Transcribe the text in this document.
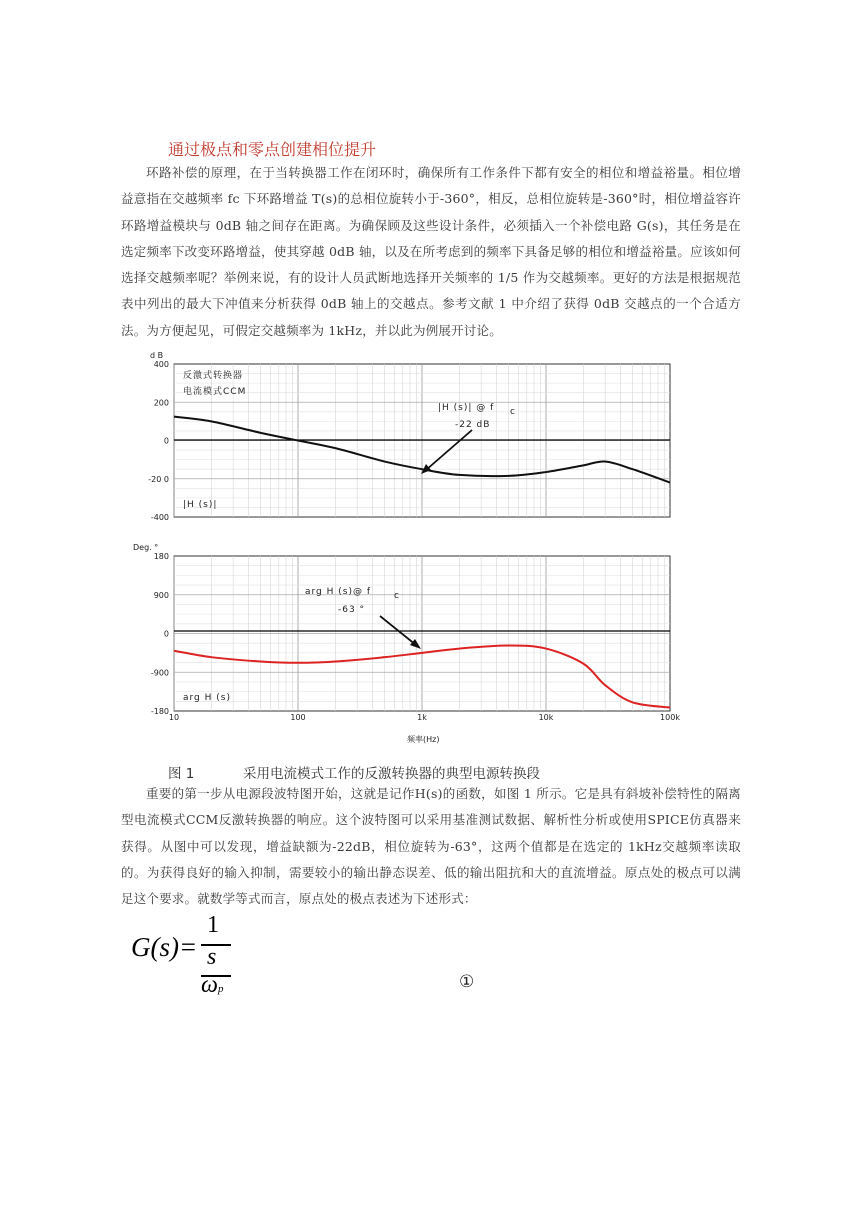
通过极点和零点创建相位提升

环路补偿的原理，在于当转换器工作在闭环时，确保所有工作条件下都有安全的相位和增益裕量。相位增益意指在交越频率 fc 下环路增益 T(s)的总相位旋转小于-360°，相反，总相位旋转是-360°时，相位增益容许环路增益模块与 0dB 轴之间存在距离。为确保顾及这些设计条件，必须插入一个补偿电路 G(s)，其任务是在选定频率下改变环路增益，使其穿越 0dB 轴，以及在所考虑到的频率下具备足够的相位和增益裕量。应该如何选择交越频率呢？举例来说，有的设计人员武断地选择开关频率的 1/5 作为交越频率。更好的方法是根据规范表中列出的最大下冲值来分析获得 0dB 轴上的交越点。参考文献 1 中介绍了获得 0dB 交越点的一个合适方法。为方便起见，可假定交越频率为 1kHz，并以此为例展开讨论。

d B
400
200
0
-20 0
-400
反激式转换器
电流模式CCM
|H (s)|
|H (s)| @ f c
-22 dB
Deg. °
180
900
0
-900
-180
10	100	1k	10k	100k
arg H (s)
arg H (s)@ f	c
-63 °
频率(Hz)
图 1	采用电流模式工作的反激转换器的典型电源转换段

重要的第一步从电源段波特图开始，这就是记作H(s)的函数，如图 1 所示。它是具有斜坡补偿特性的隔离型电流模式CCM反激转换器的响应。这个波特图可以采用基准测试数据、解析性分析或使用SPICE仿真器来获得。从图中可以发现，增益缺额为-22dB，相位旋转为-63°，这两个值都是在选定的 1kHz交越频率读取的。为获得良好的输入抑制，需要较小的输出静态误差、低的输出阻抗和大的直流增益。原点处的极点可以满足这个要求。就数学等式而言，原点处的极点表述为下述形式：

G(s)=
1
s
ωp	①
